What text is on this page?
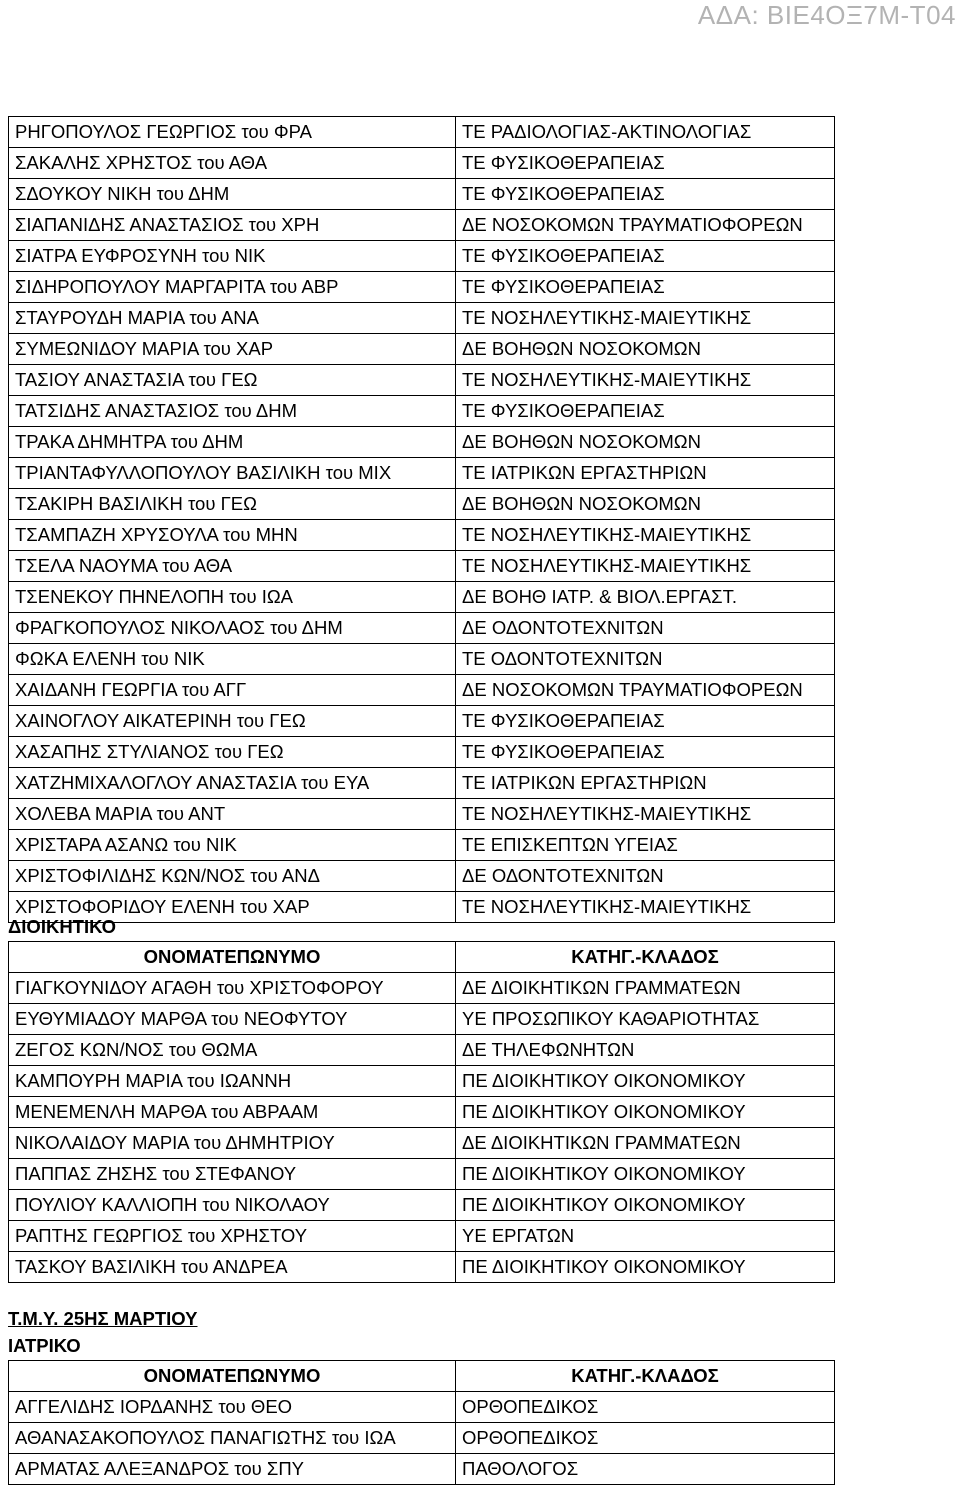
ΑΔΑ: ΒΙΕ4ΟΞ7Μ-Τ04
ΡΗΓΟΠΟΥΛΟΣ ΓΕΩΡΓΙΟΣ του ΦΡΑ	ΤΕ ΡΑΔΙΟΛΟΓΙΑΣ-ΑΚΤΙΝΟΛΟΓΙΑΣ
ΣΑΚΑΛΗΣ ΧΡΗΣΤΟΣ του ΑΘΑ	ΤΕ ΦΥΣΙΚΟΘΕΡΑΠΕΙΑΣ
ΣΔΟΥΚΟΥ ΝΙΚΗ του ΔΗΜ	ΤΕ ΦΥΣΙΚΟΘΕΡΑΠΕΙΑΣ
ΣΙΑΠΑΝΙΔΗΣ ΑΝΑΣΤΑΣΙΟΣ του ΧΡΗ	ΔΕ ΝΟΣΟΚΟΜΩΝ ΤΡΑΥΜΑΤΙΟΦΟΡΕΩΝ
ΣΙΑΤΡΑ ΕΥΦΡΟΣΥΝΗ του ΝΙΚ	ΤΕ ΦΥΣΙΚΟΘΕΡΑΠΕΙΑΣ
ΣΙΔΗΡΟΠΟΥΛΟΥ ΜΑΡΓΑΡΙΤΑ του ΑΒΡ	ΤΕ ΦΥΣΙΚΟΘΕΡΑΠΕΙΑΣ
ΣΤΑΥΡΟΥΔΗ ΜΑΡΙΑ του ΑΝΑ	ΤΕ ΝΟΣΗΛΕΥΤΙΚΗΣ-ΜΑΙΕΥΤΙΚΗΣ
ΣΥΜΕΩΝΙΔΟΥ ΜΑΡΙΑ του ΧΑΡ	ΔΕ ΒΟΗΘΩΝ ΝΟΣΟΚΟΜΩΝ
ΤΑΣΙΟΥ ΑΝΑΣΤΑΣΙΑ του ΓΕΩ	ΤΕ ΝΟΣΗΛΕΥΤΙΚΗΣ-ΜΑΙΕΥΤΙΚΗΣ
ΤΑΤΣΙΔΗΣ ΑΝΑΣΤΑΣΙΟΣ του ΔΗΜ	ΤΕ ΦΥΣΙΚΟΘΕΡΑΠΕΙΑΣ
ΤΡΑΚΑ ΔΗΜΗΤΡΑ του ΔΗΜ	ΔΕ ΒΟΗΘΩΝ ΝΟΣΟΚΟΜΩΝ
ΤΡΙΑΝΤΑΦΥΛΛΟΠΟΥΛΟΥ ΒΑΣΙΛΙΚΗ του ΜΙΧ	ΤΕ ΙΑΤΡΙΚΩΝ ΕΡΓΑΣΤΗΡΙΩΝ
ΤΣΑΚΙΡΗ ΒΑΣΙΛΙΚΗ του ΓΕΩ	ΔΕ ΒΟΗΘΩΝ ΝΟΣΟΚΟΜΩΝ
ΤΣΑΜΠΑΖΗ ΧΡΥΣΟΥΛΑ του ΜΗΝ	ΤΕ ΝΟΣΗΛΕΥΤΙΚΗΣ-ΜΑΙΕΥΤΙΚΗΣ
ΤΣΕΛΑ ΝΑΟΥΜΑ του ΑΘΑ	ΤΕ ΝΟΣΗΛΕΥΤΙΚΗΣ-ΜΑΙΕΥΤΙΚΗΣ
ΤΣΕΝΕΚΟΥ ΠΗΝΕΛΟΠΗ του ΙΩΑ	ΔΕ ΒΟΗΘ ΙΑΤΡ. & ΒΙΟΛ.ΕΡΓΑΣΤ.
ΦΡΑΓΚΟΠΟΥΛΟΣ ΝΙΚΟΛΑΟΣ του ΔΗΜ	ΔΕ ΟΔΟΝΤΟΤΕΧΝΙΤΩΝ
ΦΩΚΑ ΕΛΕΝΗ του ΝΙΚ	ΤΕ ΟΔΟΝΤΟΤΕΧΝΙΤΩΝ
ΧΑΙΔΑΝΗ ΓΕΩΡΓΙΑ του ΑΓΓ	ΔΕ ΝΟΣΟΚΟΜΩΝ ΤΡΑΥΜΑΤΙΟΦΟΡΕΩΝ
ΧΑΙΝΟΓΛΟΥ ΑΙΚΑΤΕΡΙΝΗ του ΓΕΩ	ΤΕ ΦΥΣΙΚΟΘΕΡΑΠΕΙΑΣ
ΧΑΣΑΠΗΣ ΣΤΥΛΙΑΝΟΣ του ΓΕΩ	ΤΕ ΦΥΣΙΚΟΘΕΡΑΠΕΙΑΣ
ΧΑΤΖΗΜΙΧΑΛΟΓΛΟΥ ΑΝΑΣΤΑΣΙΑ του ΕΥΑ	ΤΕ ΙΑΤΡΙΚΩΝ ΕΡΓΑΣΤΗΡΙΩΝ
ΧΟΛΕΒΑ ΜΑΡΙΑ του ΑΝΤ	ΤΕ ΝΟΣΗΛΕΥΤΙΚΗΣ-ΜΑΙΕΥΤΙΚΗΣ
ΧΡΙΣΤΑΡΑ ΑΣΑΝΩ του ΝΙΚ	ΤΕ ΕΠΙΣΚΕΠΤΩΝ ΥΓΕΙΑΣ
ΧΡΙΣΤΟΦΙΛΙΔΗΣ ΚΩΝ/ΝΟΣ του ΑΝΔ	ΔΕ ΟΔΟΝΤΟΤΕΧΝΙΤΩΝ
ΧΡΙΣΤΟΦΟΡΙΔΟΥ ΕΛΕΝΗ του ΧΑΡ	ΤΕ ΝΟΣΗΛΕΥΤΙΚΗΣ-ΜΑΙΕΥΤΙΚΗΣ
ΔΙΟΙΚΗΤΙΚΟ
ΟΝΟΜΑΤΕΠΩΝΥΜΟ	ΚΑΤΗΓ.-ΚΛΑΔΟΣ
ΓΙΑΓΚΟΥΝΙΔΟΥ ΑΓΑΘΗ του ΧΡΙΣΤΟΦΟΡΟΥ	ΔΕ ΔΙΟΙΚΗΤΙΚΩΝ ΓΡΑΜΜΑΤΕΩΝ
ΕΥΘΥΜΙΑΔΟΥ ΜΑΡΘΑ του ΝΕΟΦΥΤΟΥ	ΥΕ ΠΡΟΣΩΠΙΚΟΥ ΚΑΘΑΡΙΟΤΗΤΑΣ
ΖΕΓΟΣ ΚΩΝ/ΝΟΣ του ΘΩΜΑ	ΔΕ ΤΗΛΕΦΩΝΗΤΩΝ
ΚΑΜΠΟΥΡΗ ΜΑΡΙΑ του ΙΩΑΝΝΗ	ΠΕ ΔΙΟΙΚΗΤΙΚΟΥ ΟΙΚΟΝΟΜΙΚΟΥ
ΜΕΝΕΜΕΝΛΗ ΜΑΡΘΑ του ΑΒΡΑΑΜ	ΠΕ ΔΙΟΙΚΗΤΙΚΟΥ ΟΙΚΟΝΟΜΙΚΟΥ
ΝΙΚΟΛΑΙΔΟΥ ΜΑΡΙΑ του ΔΗΜΗΤΡΙΟΥ	ΔΕ ΔΙΟΙΚΗΤΙΚΩΝ ΓΡΑΜΜΑΤΕΩΝ
ΠΑΠΠΑΣ ΖΗΣΗΣ του ΣΤΕΦΑΝΟΥ	ΠΕ ΔΙΟΙΚΗΤΙΚΟΥ ΟΙΚΟΝΟΜΙΚΟΥ
ΠΟΥΛΙΟΥ ΚΑΛΛΙΟΠΗ του ΝΙΚΟΛΑΟΥ	ΠΕ ΔΙΟΙΚΗΤΙΚΟΥ ΟΙΚΟΝΟΜΙΚΟΥ
ΡΑΠΤΗΣ ΓΕΩΡΓΙΟΣ του ΧΡΗΣΤΟΥ	ΥΕ ΕΡΓΑΤΩΝ
ΤΑΣΚΟΥ ΒΑΣΙΛΙΚΗ του ΑΝΔΡΕΑ	ΠΕ ΔΙΟΙΚΗΤΙΚΟΥ ΟΙΚΟΝΟΜΙΚΟΥ
Τ.Μ.Υ. 25ΗΣ ΜΑΡΤΙΟΥ
ΙΑΤΡΙΚΟ
ΟΝΟΜΑΤΕΠΩΝΥΜΟ	ΚΑΤΗΓ.-ΚΛΑΔΟΣ
ΑΓΓΕΛΙΔΗΣ ΙΟΡΔΑΝΗΣ του ΘΕΟ	ΟΡΘΟΠΕΔΙΚΟΣ
ΑΘΑΝΑΣΑΚΟΠΟΥΛΟΣ ΠΑΝΑΓΙΩΤΗΣ του ΙΩΑ	ΟΡΘΟΠΕΔΙΚΟΣ
ΑΡΜΑΤΑΣ ΑΛΕΞΑΝΔΡΟΣ του ΣΠΥ	ΠΑΘΟΛΟΓΟΣ
